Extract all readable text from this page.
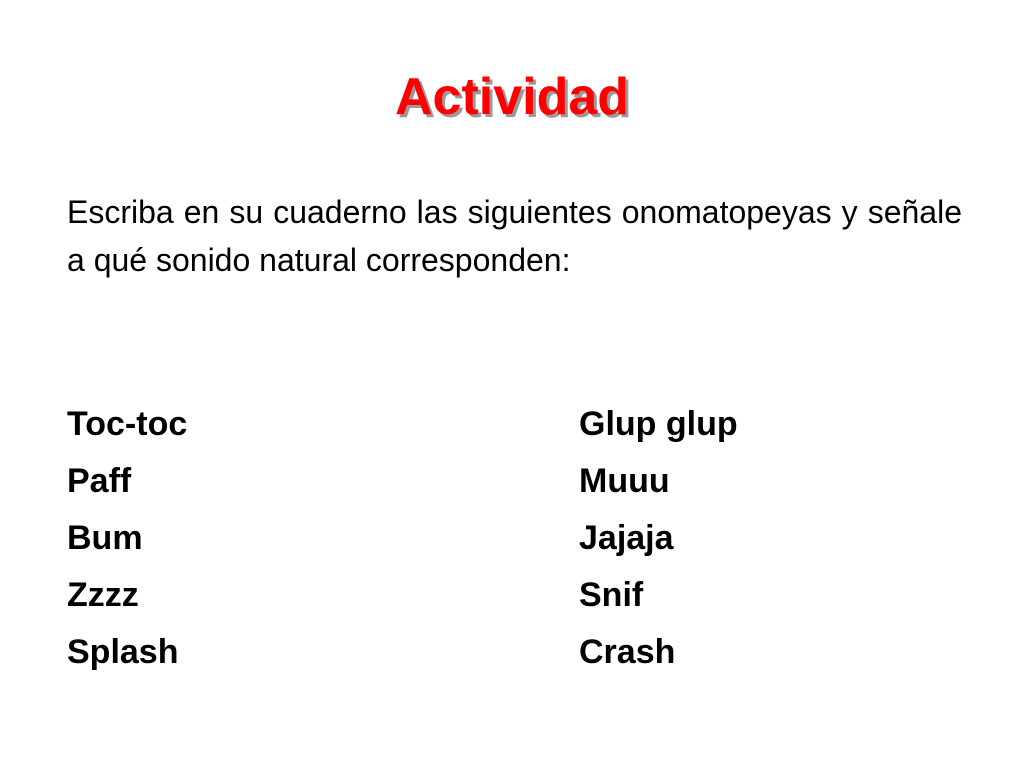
Actividad
Escriba en su cuaderno las siguientes onomatopeyas y señale a qué sonido natural corresponden:
Toc-toc
Paff
Bum
Zzzz
Splash
Glup glup
Muuu
Jajaja
Snif
Crash
